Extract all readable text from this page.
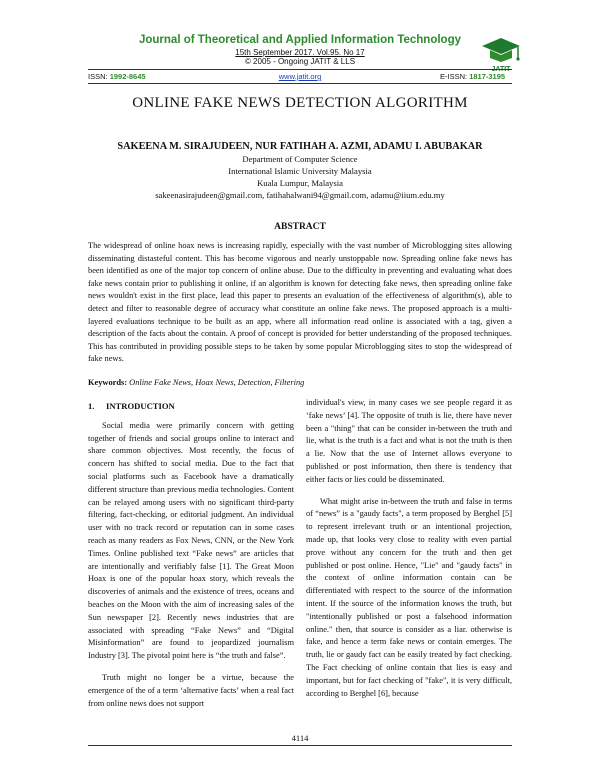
Journal of Theoretical and Applied Information Technology
15th September 2017. Vol.95. No 17
© 2005 - Ongoing JATIT & LLS
JATIT
ISSN: 1992-8645	www.jatit.org	E-ISSN: 1817-3195
ONLINE FAKE NEWS DETECTION ALGORITHM
SAKEENA M. SIRAJUDEEN, NUR FATIHAH A. AZMI, ADAMU I. ABUBAKAR
Department of Computer Science
International Islamic University Malaysia
Kuala Lumpur, Malaysia
sakeenasirajudeen@gmail.com, fatihahalwani94@gmail.com, adamu@iium.edu.my
ABSTRACT
The widespread of online hoax news is increasing rapidly, especially with the vast number of Microblogging sites allowing disseminating distasteful content. This has become vigorous and nearly unstoppable now. Spreading online fake news has been identified as one of the major top concern of online abuse. Due to the difficulty in preventing and evaluating what does fake news contain prior to publishing it online, if an algorithm is known for detecting fake news, then spreading online fake news wouldn't exist in the first place, lead this paper to presents an evaluation of the effectiveness of algorithm(s), able to detect and filter to reasonable degree of accuracy what constitute an online fake news. The proposed approach is a multi-layered evaluations technique to be built as an app, where all information read online is associated with a tag, given a description of the facts about the contain. A proof of concept is provided for better understanding of the proposed techniques. This has contributed in providing possible steps to be taken by some popular Microblogging sites to stop the widespread of fake news.
Keywords: Online Fake News, Hoax News, Detection, Filtering
1. INTRODUCTION

Social media were primarily concern with getting together of friends and social groups online to interact and share common objectives. Most recently, the focus of concern has shifted to social media. Due to the fact that social platforms such as Facebook have a dramatically different structure than previous media technologies. Content can be relayed among users with no significant third-party filtering, fact-checking, or editorial judgment. An individual user with no track record or reputation can in some cases reach as many readers as Fox News, CNN, or the New York Times. Online published text “Fake news” are articles that are intentionally and verifiably false [1]. The Great Moon Hoax is one of the popular hoax story, which reveals the discoveries of animals and the existence of trees, oceans and beaches on the Moon with the aim of increasing sales of the Sun newspaper [2]. Recently news industries that are associated with spreading “Fake News” and “Digital Misinformation” are found to jeopardized journalism Industry [3]. The pivotal point here is “the truth and false”.

Truth might no longer be a virtue, because the emergence of the of a term ‘alternative facts’ when a real fact from online news does not support

individual's view, in many cases we see people regard it as ‘fake news’ [4]. The opposite of truth is lie, there have never been a "thing" that can be consider in-between the truth and lie, what is the truth is a fact and what is not the truth is then a lie. Now that the use of Internet allows everyone to published or post information, then there is tendency that either facts or lies could be disseminated.

What might arise in-between the truth and false in terms of “news” is a "gaudy facts", a term proposed by Berghel [5] to represent irrelevant truth or an intentional projection, made up, that looks very close to reality with even partial prove without any concern for the truth and then get published or post online. Hence, "Lie" and "gaudy facts" in the context of online information contain can be differentiated with respect to the source of the information intent. If the source of the information knows the truth, but "intentionally published or post a falsehood information online." then, that source is consider as a liar. otherwise is fake, and hence a term fake news or contain emerges. The truth, lie or gaudy fact can be easily treated by fact checking. The Fact checking of online contain that lies is easy and important, but for fact checking of "fake", it is very difficult, according to Berghel [6], because

4114
